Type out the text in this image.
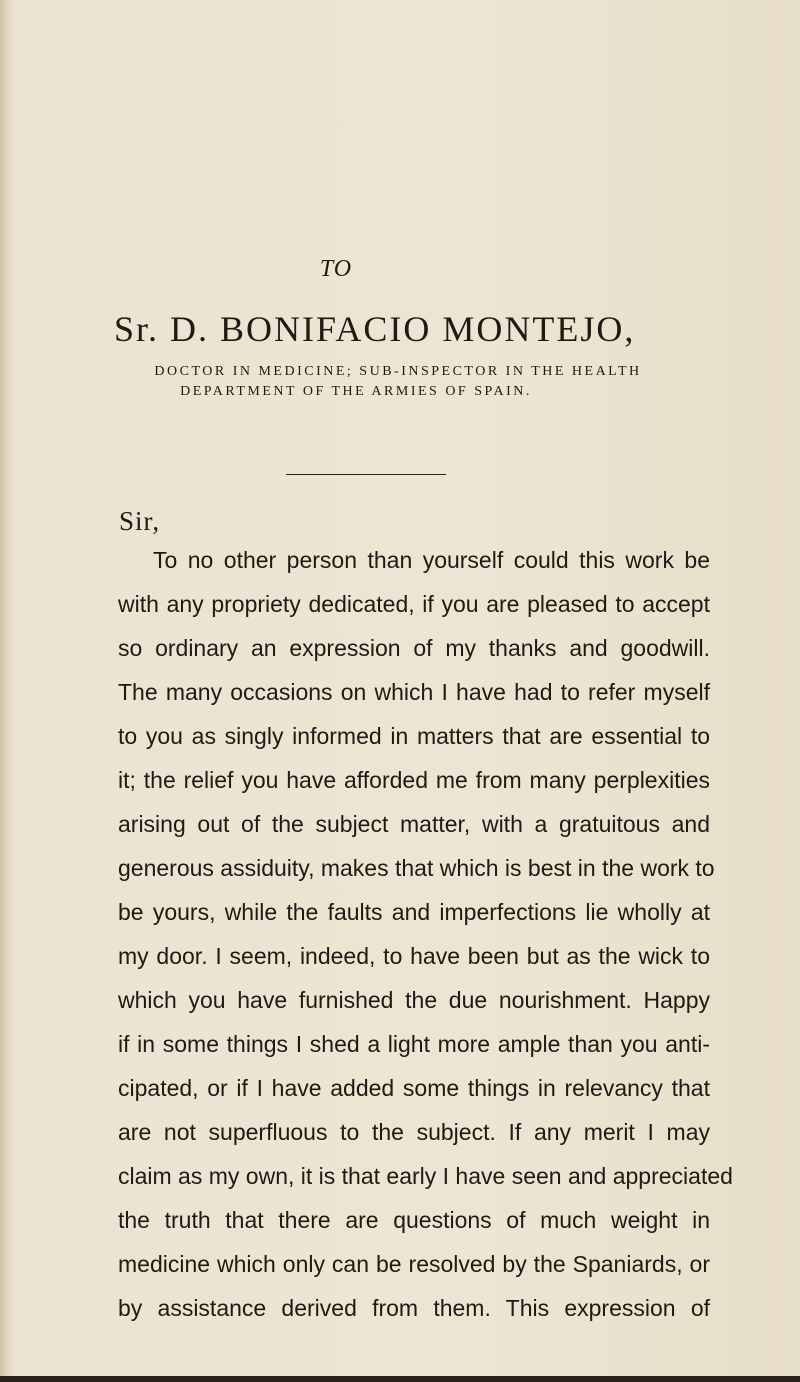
TO
Sr. D. BONIFACIO MONTEJO,

DOCTOR IN MEDICINE; SUB-INSPECTOR IN THE HEALTH

DEPARTMENT OF THE ARMIES OF SPAIN.

Sir,

To no other person than yourself could this work be

with any propriety dedicated, if you are pleased to accept

so ordinary an expression of my thanks and goodwill.

The many occasions on which I have had to refer myself

to you as singly informed in matters that are essential to

it; the relief you have afforded me from many perplexities

arising out of the subject matter, with a gratuitous and

generous assiduity, makes that which is best in the work to

be yours, while the faults and imperfections lie wholly at

my door. I seem, indeed, to have been but as the wick to

which you have furnished the due nourishment. Happy

if in some things I shed a light more ample than you anti-

cipated, or if I have added some things in relevancy that

are not superfluous to the subject. If any merit I may

claim as my own, it is that early I have seen and appreciated

the truth that there are questions of much weight in

medicine which only can be resolved by the Spaniards, or

by assistance derived from them. This expression of
